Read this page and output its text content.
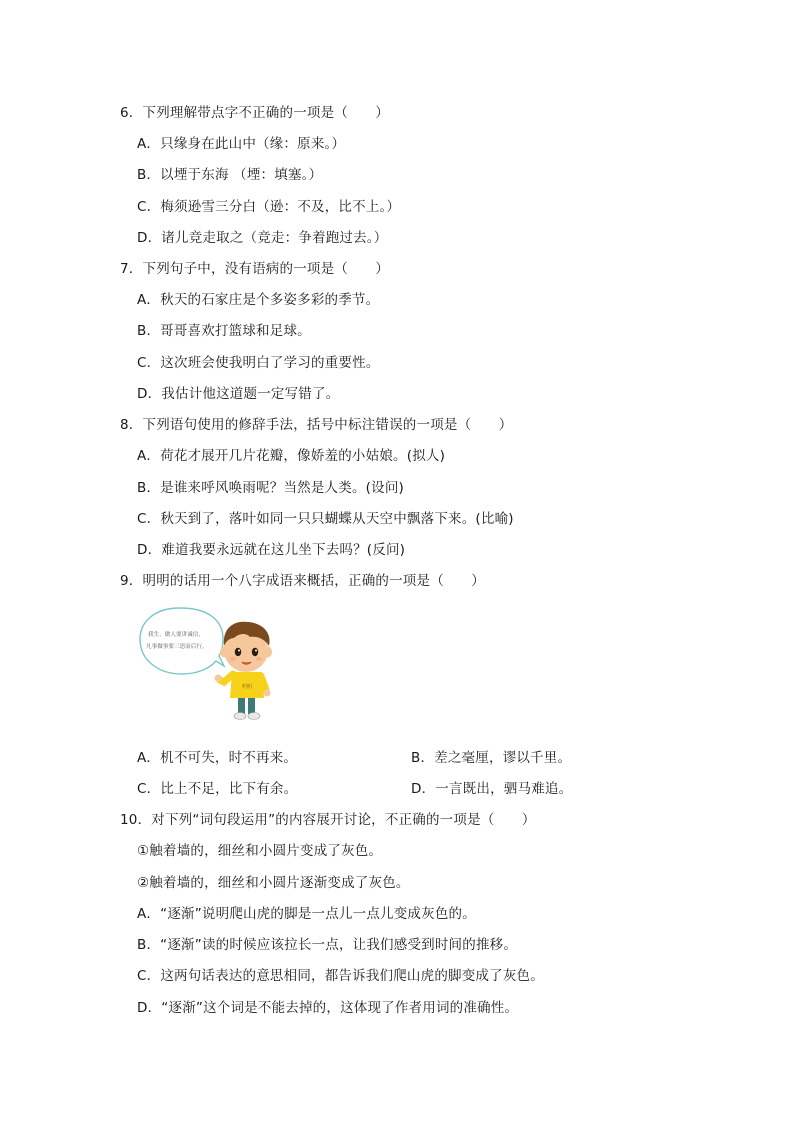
6．下列理解带点字不正确的一项是（　　）
A．只缘身在此山中（缘：原来。）
B．以堙于东海 （堙：填塞。）
C．梅须逊雪三分白（逊：不及，比不上。）
D．诸儿竞走取之（竞走：争着跑过去。）
7．下列句子中，没有语病的一项是（　　）
A．秋天的石家庄是个多姿多彩的季节。
B．哥哥喜欢打篮球和足球。
C．这次班会使我明白了学习的重要性。
D．我估计他这道题一定写错了。
8．下列语句使用的修辞手法，括号中标注错误的一项是（　　）
A．荷花才展开几片花瓣，像娇羞的小姑娘。(拟人)
B．是谁来呼风唤雨呢？当然是人类。(设问)
C．秋天到了，落叶如同一只只蝴蝶从天空中飘落下来。(比喻)
D．难道我要永远就在这儿坐下去吗？(反问)
9．明明的话用一个八字成语来概括，正确的一项是（　　）
我生，做人要讲诚信，
凡事做事要三思而后行。
明明
A．机不可失，时不再来。	B．差之毫厘，谬以千里。
C．比上不足，比下有余。	D．一言既出，驷马难追。
10．对下列“词句段运用”的内容展开讨论，不正确的一项是（　　）
①触着墙的，细丝和小圆片变成了灰色。
②触着墙的，细丝和小圆片逐渐变成了灰色。
A．“逐渐”说明爬山虎的脚是一点儿一点儿变成灰色的。
B．“逐渐”读的时候应该拉长一点，让我们感受到时间的推移。
C．这两句话表达的意思相同，都告诉我们爬山虎的脚变成了灰色。
D．“逐渐”这个词是不能去掉的，这体现了作者用词的准确性。
